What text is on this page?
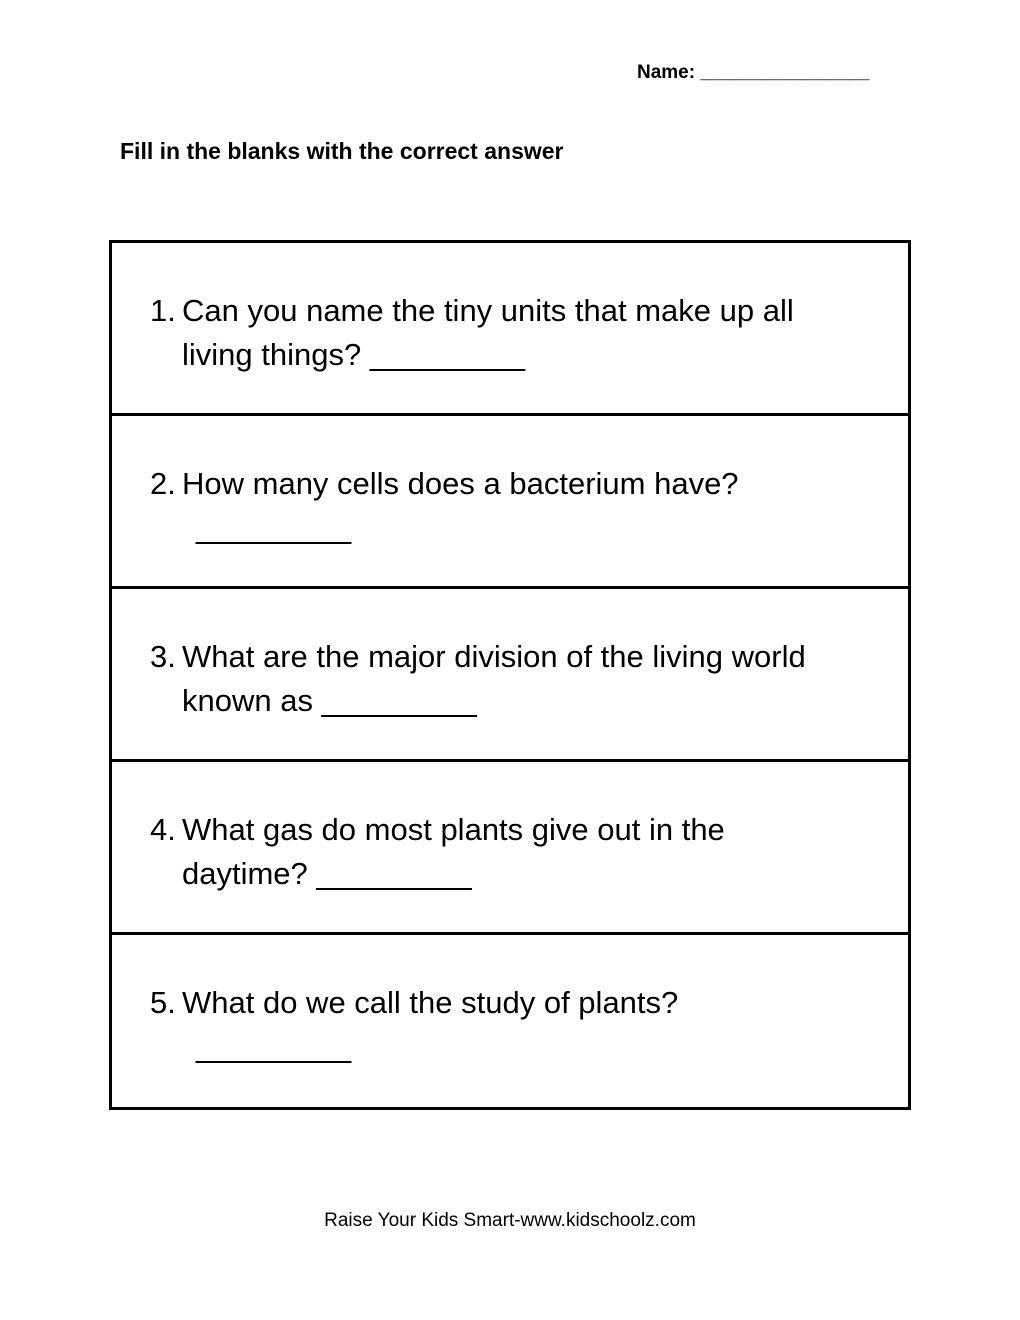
Name: ________________
Fill in the blanks with the correct answer
1. Can you name the tiny units that make up all
living things? _________
2. How many cells does a bacterium have?
_________
3. What are the major division of the living world
known as _________
4. What gas do most plants give out in the
daytime? _________
5. What do we call the study of plants?
_________
Raise Your Kids Smart-www.kidschoolz.com
